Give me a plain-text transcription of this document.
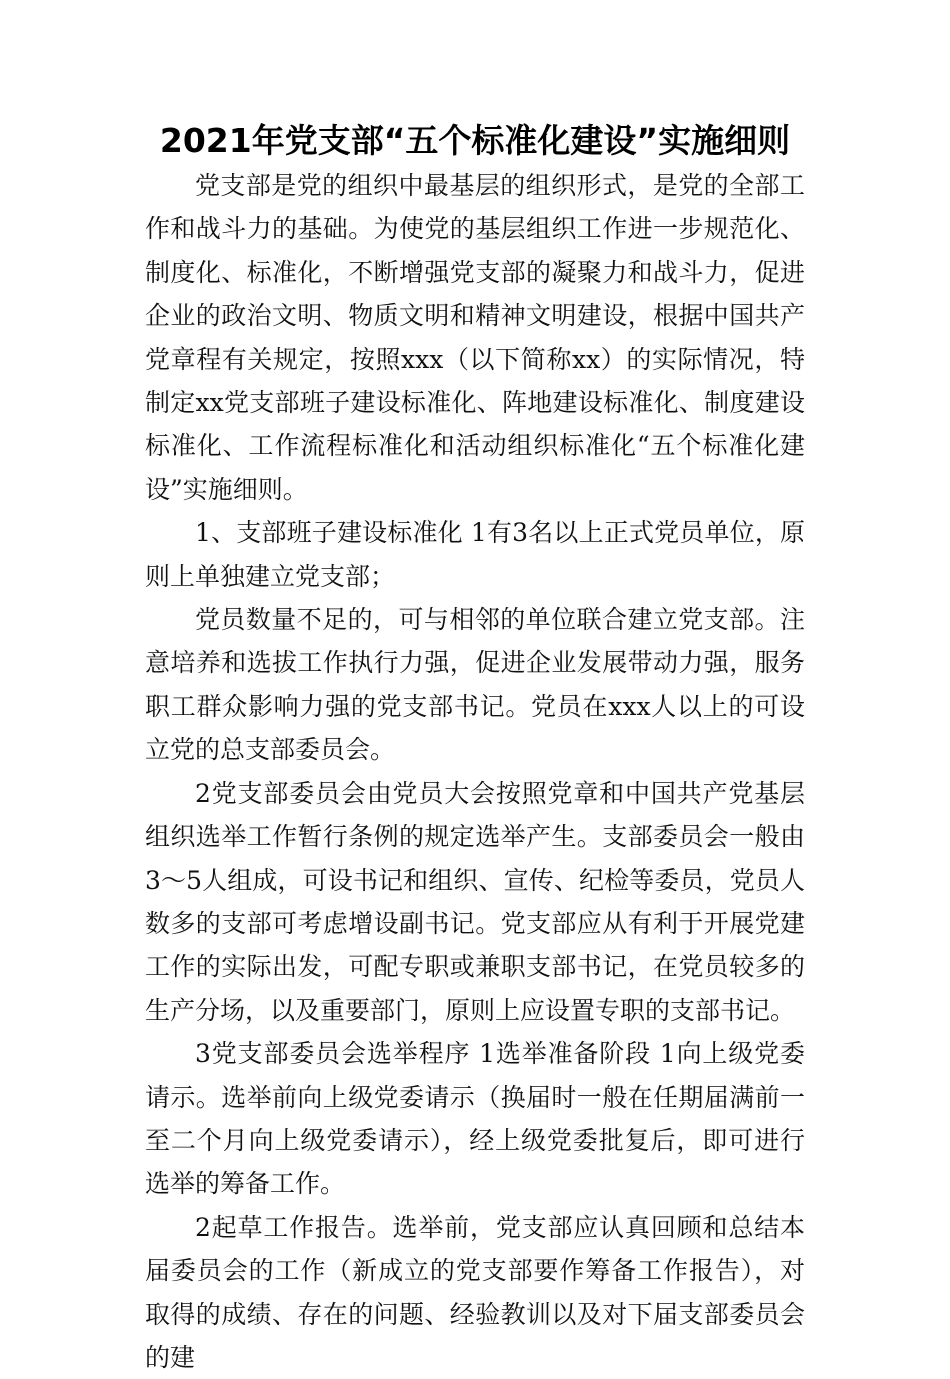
2021年党支部“五个标准化建设”实施细则

党支部是党的组织中最基层的组织形式，是党的全部工作和战斗力的基础。为使党的基层组织工作进一步规范化、制度化、标准化，不断增强党支部的凝聚力和战斗力，促进企业的政治文明、物质文明和精神文明建设，根据中国共产党章程有关规定，按照xxx（以下简称xx）的实际情况，特制定xx党支部班子建设标准化、阵地建设标准化、制度建设标准化、工作流程标准化和活动组织标准化“五个标准化建设”实施细则。

1、支部班子建设标准化 1有3名以上正式党员单位，原则上单独建立党支部；

党员数量不足的，可与相邻的单位联合建立党支部。注意培养和选拔工作执行力强，促进企业发展带动力强，服务职工群众影响力强的党支部书记。党员在xxx人以上的可设立党的总支部委员会。

2党支部委员会由党员大会按照党章和中国共产党基层组织选举工作暂行条例的规定选举产生。支部委员会一般由3～5人组成，可设书记和组织、宣传、纪检等委员，党员人数多的支部可考虑增设副书记。党支部应从有利于开展党建工作的实际出发，可配专职或兼职支部书记，在党员较多的生产分场，以及重要部门，原则上应设置专职的支部书记。

3党支部委员会选举程序 1选举准备阶段 1向上级党委请示。选举前向上级党委请示（换届时一般在任期届满前一至二个月向上级党委请示），经上级党委批复后，即可进行选举的筹备工作。

2起草工作报告。选举前，党支部应认真回顾和总结本届委员会的工作（新成立的党支部要作筹备工作报告），对取得的成绩、存在的问题、经验教训以及对下届支部委员会的建
